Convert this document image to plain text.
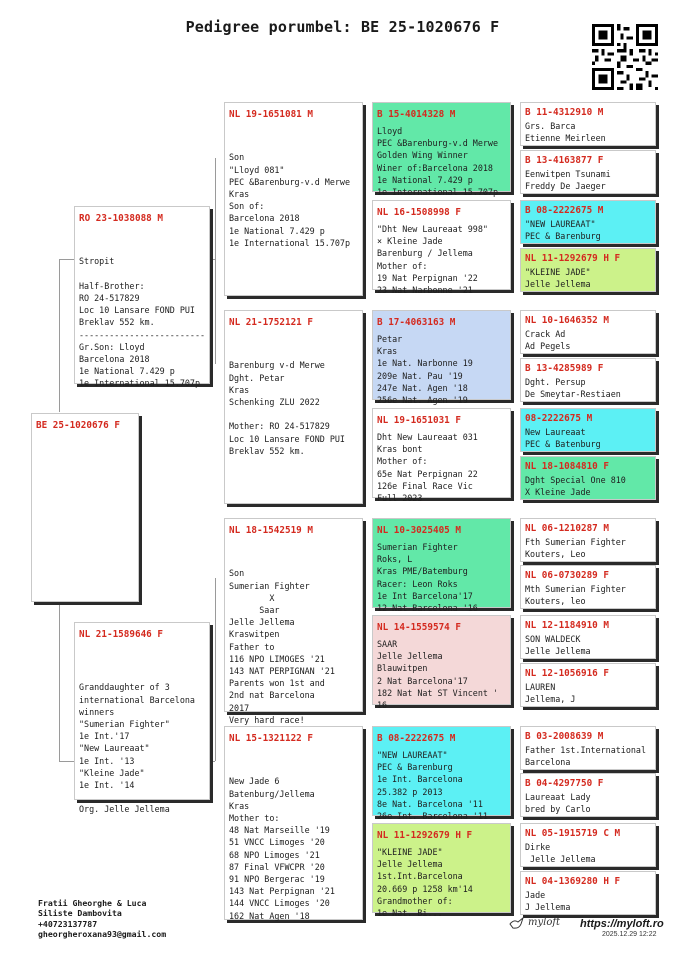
Pedigree porumbel: BE 25-1020676 F
BE 25-1020676 F
RO 23-1038088 M

Stropit
Half-Brother:
RO 24-517829
Loc 10 Lansare FOND PUI
Breklav 552 km.
-------------------------
Gr.Son: Lloyd
Barcelona 2018
1e National 7.429 p
1e International 15.707p

NL 21-1589646 F

Granddaughter of 3
international Barcelona
winners
"Sumerian Fighter"
1e Int.'17
"New Laureaat"
1e Int. '13
"Kleine Jade"
1e Int. '14
Org. Jelle Jellema

NL 19-1651081 M

Son
"Lloyd 081"
PEC &Barenburg-v.d Merwe
Kras
Son of:
Barcelona 2018
1e National 7.429 p
1e International 15.707p

NL 21-1752121 F

Barenburg v-d Merwe
Dght. Petar
Kras
Schenking ZLU 2022
Mother: RO 24-517829
Loc 10 Lansare FOND PUI
Breklav 552 km.

NL 18-1542519 M

Son
Sumerian Fighter
X
Saar
Jelle Jellema
Kraswitpen
Father to
116 NPO LIMOGES '21
143 NAT PERPIGNAN '21
Parents won 1st and
2nd nat Barcelona
2017
Very hard race!

NL 15-1321122 F

New Jade 6
Batenburg/Jellema
Kras
Mother to:
48 Nat Marseille '19
51 VNCC Limoges '20
68 NPO Limoges '21
87 Final VFWCPR '20
91 NPO Bergerac '19
143 Nat Perpignan '21
144 VNCC Limoges '20
162 Nat Agen '18

B 15-4014328 M
Lloyd
PEC &Barenburg-v.d Merwe
Golden Wing Winner
Winer of:Barcelona 2018
1e National 7.429 p
1e International 15.707p
NL 16-1508998 F
"Dht New Laureaat 998"
× Kleine Jade
Barenburg / Jellema
Mother of:
19 Nat Perpignan '22
23 Nat Narbonne '21
B 17-4063163 M
Petar
Kras
1e Nat. Narbonne 19
209e Nat. Pau '19
247e Nat. Agen '18
256e Nat. Agen '19
NL 19-1651031 F
Dht New Laureaat 031
Kras bont
Mother of:
65e Nat Perpignan 22
126e Final Race Vic
Full 2023
NL 10-3025405 M
Sumerian Fighter
Roks, L
Kras PME/Batemburg
Racer: Leon Roks
1e Int Barcelona'17
12 Nat Barcelona '16
NL 14-1559574 F
SAAR
Jelle Jellema
Blauwitpen
2 Nat Barcelona'17
182 Nat Nat ST Vincent '
16
B 08-2222675 M
"NEW LAUREAAT"
PEC & Barenburg
1e Int. Barcelona
25.382 p 2013
8e Nat. Barcelona '11
26e Int. Barcelona '11
NL 11-1292679 H F
"KLEINE JADE"
Jelle Jellema
1st.Int.Barcelona
20.669 p 1258 km'14
Grandmother of:
1e Nat. Bi...
B 11-4312910 M
Grs. Barca
Etienne Meirleen
B 13-4163877 F
Eenwitpen Tsunami
Freddy De Jaeger
B 08-2222675 M
"NEW LAUREAAT"
PEC & Barenburg
NL 11-1292679 H F
"KLEINE JADE"
Jelle Jellema
NL 10-1646352 M
Crack Ad
Ad Pegels
B 13-4285989 F
Dght. Persup
De Smeytar-Restiaen
08-2222675 M
New Laureaat
PEC & Batenburg
NL 18-1084810 F
Dght Special One 810
X Kleine Jade
NL 06-1210287 M
Fth Sumerian Fighter
Kouters, Leo
NL 06-0730289 F
Mth Sumerian Fighter
Kouters, leo
NL 12-1184910 M
SON WALDECK
Jelle Jellema
NL 12-1056916 F
LAUREN
Jellema, J
B 03-2008639 M
Father 1st.International
Barcelona
B 04-4297750 F
Laureaat Lady
bred by Carlo
NL 05-1915719 C M
Dirke
Jelle Jellema
NL 04-1369280 H F
Jade
J Jellema
Fratii Gheorghe & Luca
Siliste Dambovita
+40723137787
gheorgheroxana93@gmail.com
myloft https://myloft.ro
2025.12.29 12:22
